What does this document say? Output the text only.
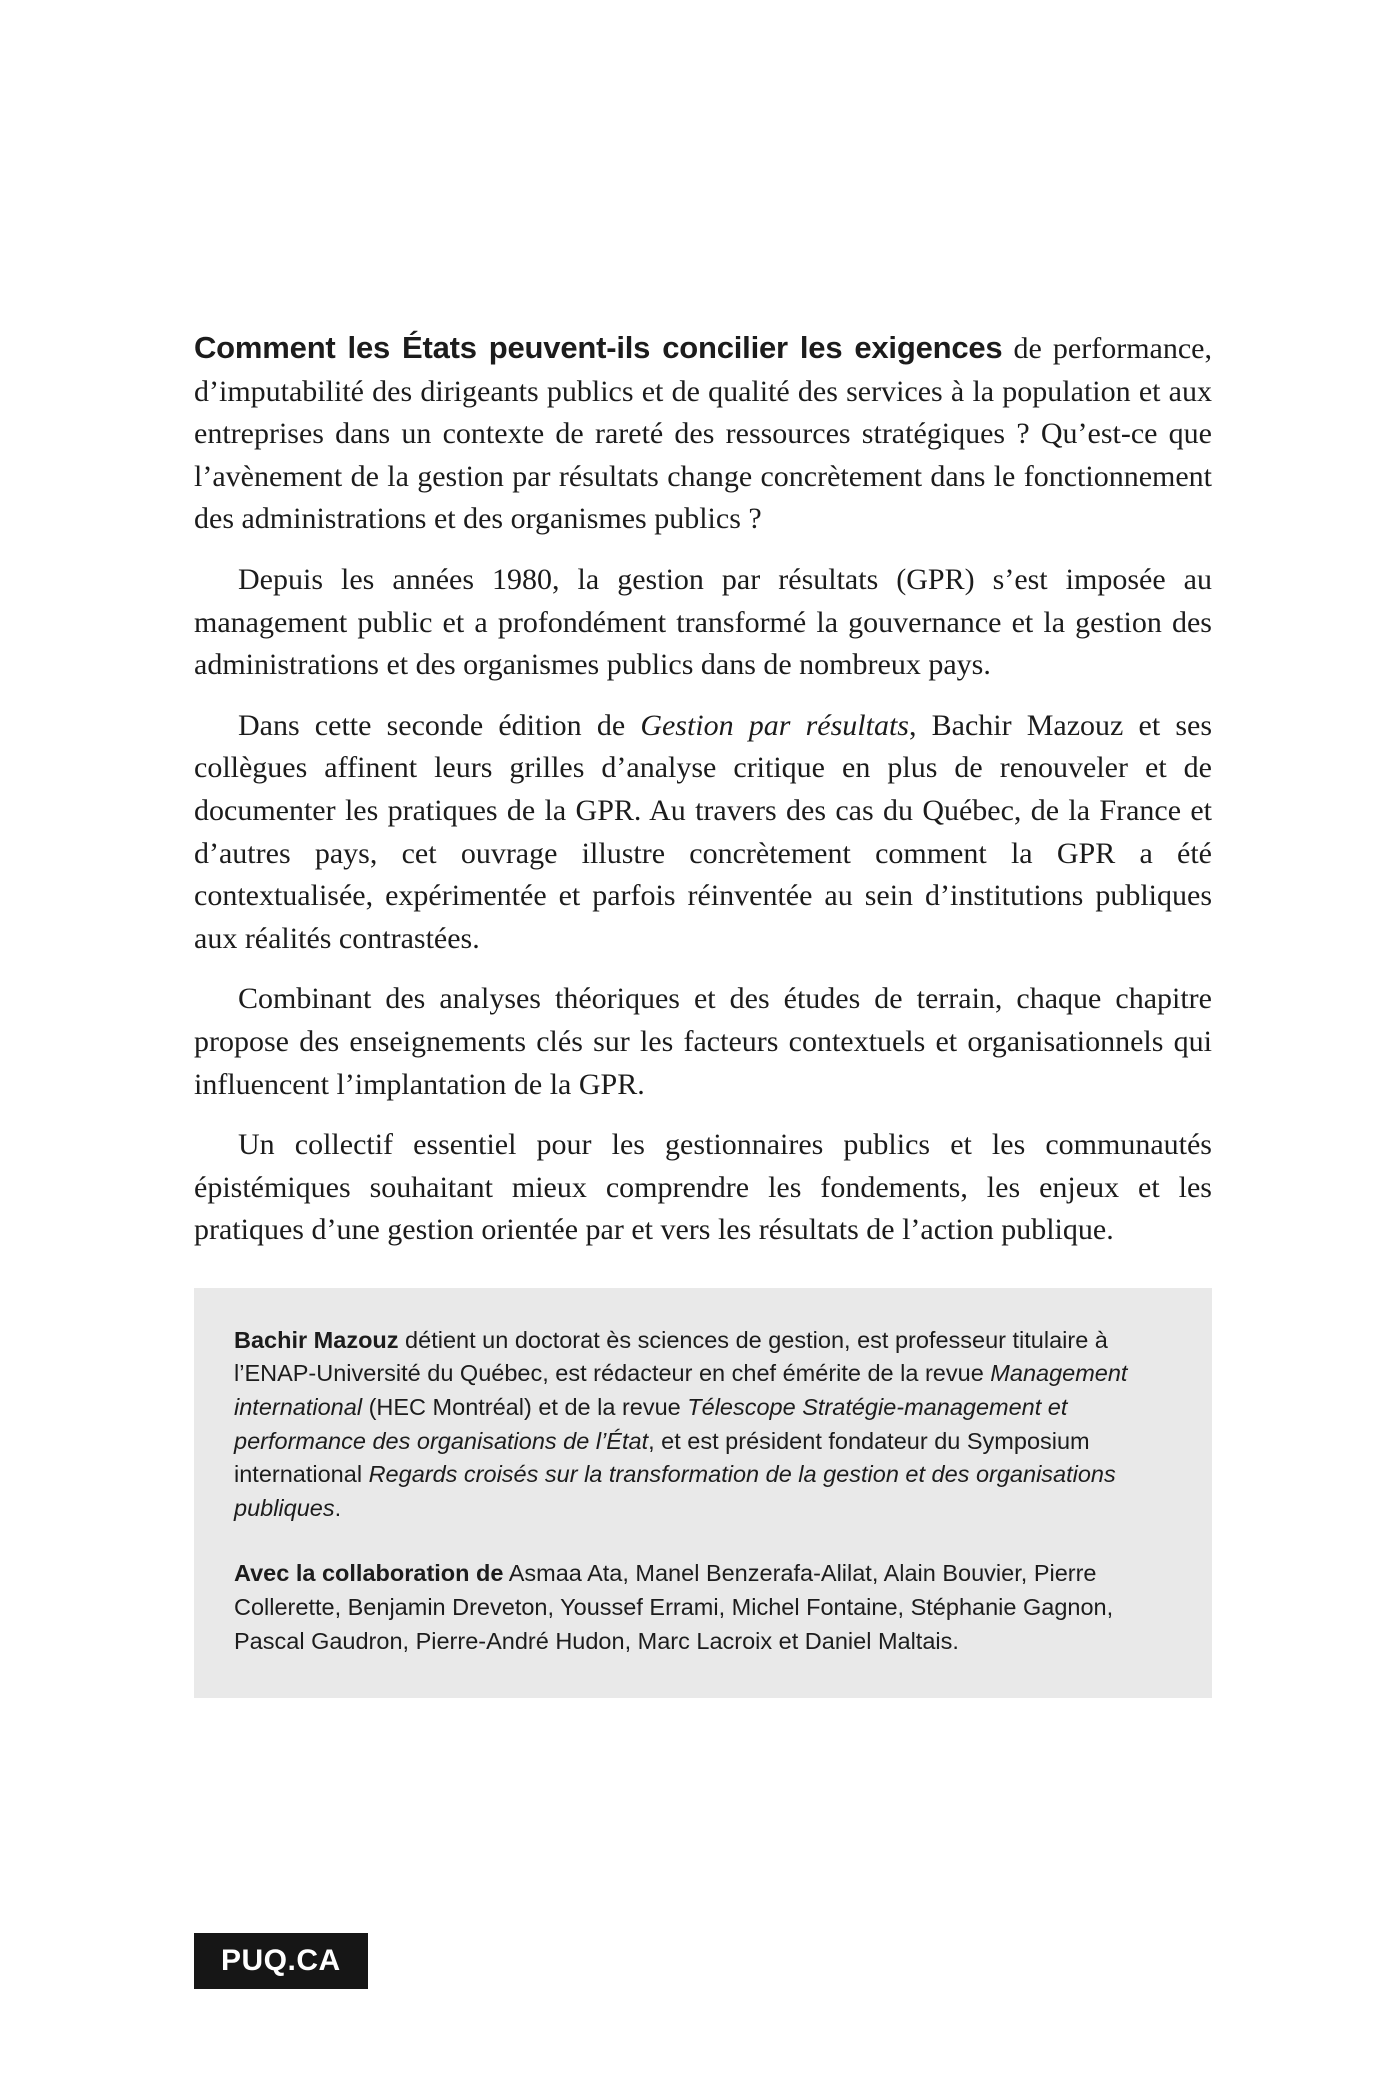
Comment les États peuvent-ils concilier les exigences de performance, d’imputabilité des dirigeants publics et de qualité des services à la population et aux entreprises dans un contexte de rareté des ressources stratégiques ? Qu’est-ce que l’avènement de la gestion par résultats change concrètement dans le fonctionnement des administrations et des organismes publics ?

Depuis les années 1980, la gestion par résultats (GPR) s’est imposée au management public et a profondément transformé la gouvernance et la gestion des administrations et des organismes publics dans de nombreux pays.

Dans cette seconde édition de Gestion par résultats, Bachir Mazouz et ses collègues affinent leurs grilles d’analyse critique en plus de renouveler et de documenter les pratiques de la GPR. Au travers des cas du Québec, de la France et d’autres pays, cet ouvrage illustre concrètement comment la GPR a été contextualisée, expérimentée et parfois réinventée au sein d’institutions publiques aux réalités contrastées.

Combinant des analyses théoriques et des études de terrain, chaque chapitre propose des enseignements clés sur les facteurs contextuels et organisationnels qui influencent l’implantation de la GPR.

Un collectif essentiel pour les gestionnaires publics et les communautés épistémiques souhaitant mieux comprendre les fondements, les enjeux et les pratiques d’une gestion orientée par et vers les résultats de l’action publique.

Bachir Mazouz détient un doctorat ès sciences de gestion, est professeur titulaire à l’ENAP-Université du Québec, est rédacteur en chef émérite de la revue Management international (HEC Montréal) et de la revue Télescope Stratégie-management et performance des organisations de l’État, et est président fondateur du Symposium international Regards croisés sur la transformation de la gestion et des organisations publiques.

Avec la collaboration de Asmaa Ata, Manel Benzerafa-Alilat, Alain Bouvier, Pierre Collerette, Benjamin Dreveton, Youssef Errami, Michel Fontaine, Stéphanie Gagnon, Pascal Gaudron, Pierre-André Hudon, Marc Lacroix et Daniel Maltais.

PUQ.CA
